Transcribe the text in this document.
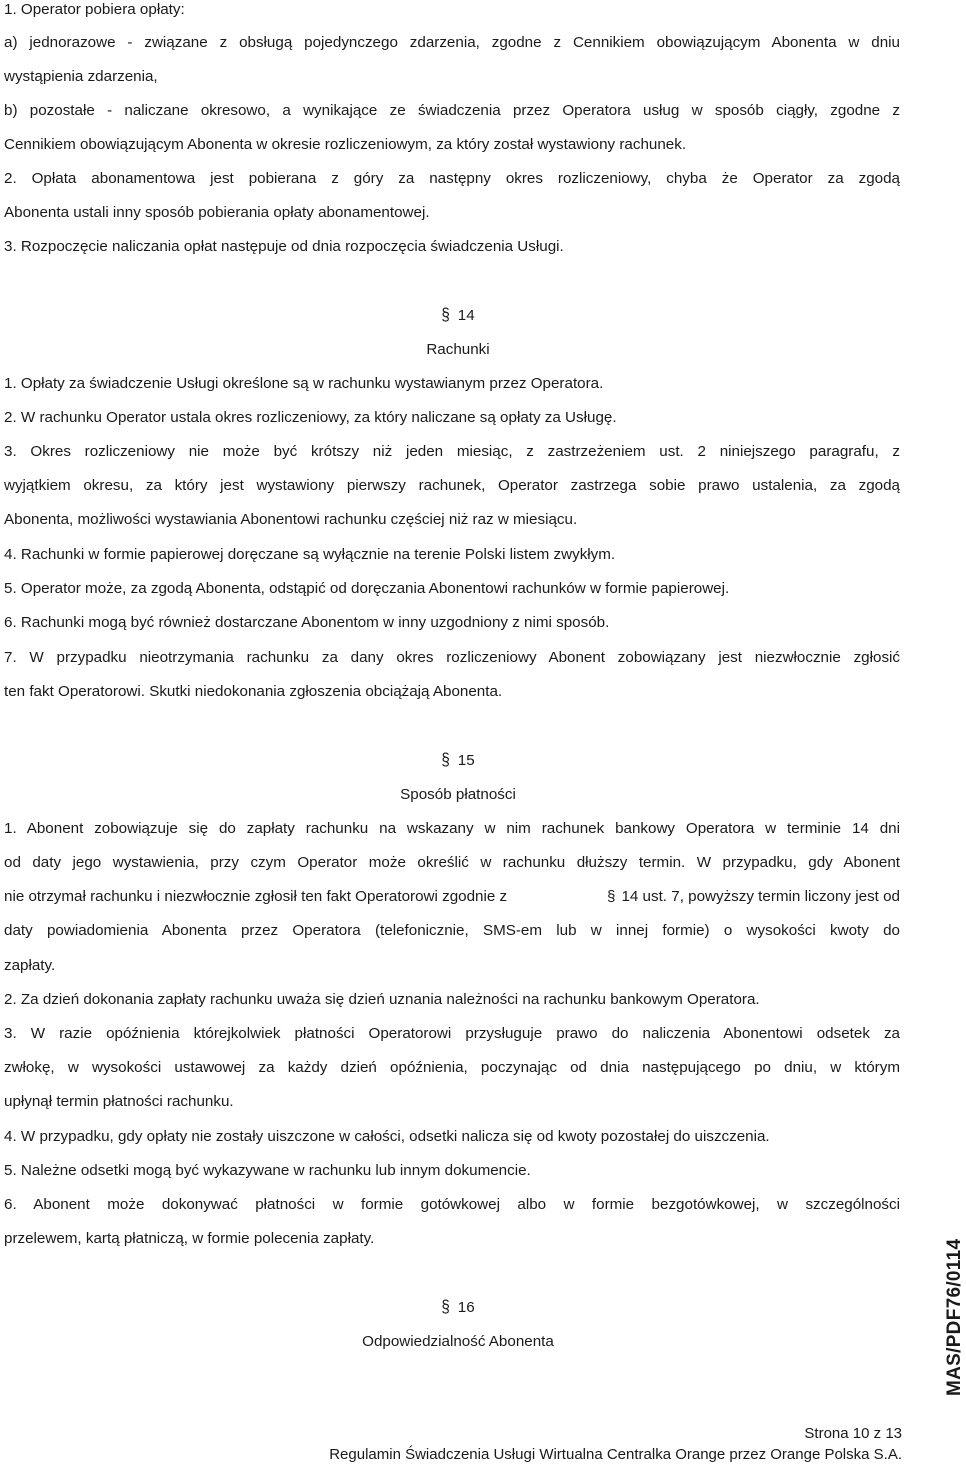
1. Operator pobiera opłaty:
a) jednorazowe - związane z obsługą pojedynczego zdarzenia, zgodne z Cennikiem obowiązującym Abonenta w dniu
wystąpienia zdarzenia,
b) pozostałe - naliczane okresowo, a wynikające ze świadczenia przez Operatora usług w sposób ciągły, zgodne z
Cennikiem obowiązującym Abonenta w okresie rozliczeniowym, za który został wystawiony rachunek.
2. Opłata abonamentowa jest pobierana z góry za następny okres rozliczeniowy, chyba że Operator za zgodą
Abonenta ustali inny sposób pobierania opłaty abonamentowej.
3. Rozpoczęcie naliczania opłat następuje od dnia rozpoczęcia świadczenia Usługi.
§ 14
Rachunki
1. Opłaty za świadczenie Usługi określone są w rachunku wystawianym przez Operatora.
2. W rachunku Operator ustala okres rozliczeniowy, za który naliczane są opłaty za Usługę.
3. Okres rozliczeniowy nie może być krótszy niż jeden miesiąc, z zastrzeżeniem ust. 2 niniejszego paragrafu, z
wyjątkiem okresu, za który jest wystawiony pierwszy rachunek, Operator zastrzega sobie prawo ustalenia, za zgodą
Abonenta, możliwości wystawiania Abonentowi rachunku częściej niż raz w miesiącu.
4. Rachunki w formie papierowej doręczane są wyłącznie na terenie Polski listem zwykłym.
5. Operator może, za zgodą Abonenta, odstąpić od doręczania Abonentowi rachunków w formie papierowej.
6. Rachunki mogą być również dostarczane Abonentom w inny uzgodniony z nimi sposób.
7. W przypadku nieotrzymania rachunku za dany okres rozliczeniowy Abonent zobowiązany jest niezwłocznie zgłosić
ten fakt Operatorowi. Skutki niedokonania zgłoszenia obciążają Abonenta.
§ 15
Sposób płatności
1. Abonent zobowiązuje się do zapłaty rachunku na wskazany w nim rachunek bankowy Operatora w terminie 14 dni
od daty jego wystawienia, przy czym Operator może określić w rachunku dłuższy termin. W przypadku, gdy Abonent
nie otrzymał rachunku i niezwłocznie zgłosił ten fakt Operatorowi zgodnie z	§ 14 ust. 7, powyższy termin liczony jest od
daty powiadomienia Abonenta przez Operatora (telefonicznie, SMS-em lub w innej formie) o wysokości kwoty do
zapłaty.
2. Za dzień dokonania zapłaty rachunku uważa się dzień uznania należności na rachunku bankowym Operatora.
3. W razie opóźnienia którejkolwiek płatności Operatorowi przysługuje prawo do naliczenia Abonentowi odsetek za
zwłokę, w wysokości ustawowej za każdy dzień opóźnienia, poczynając od dnia następującego po dniu, w którym
upłynął termin płatności rachunku.
4. W przypadku, gdy opłaty nie zostały uiszczone w całości, odsetki nalicza się od kwoty pozostałej do uiszczenia.
5. Należne odsetki mogą być wykazywane w rachunku lub innym dokumencie.
6. Abonent może dokonywać płatności w formie gotówkowej albo w formie bezgotówkowej, w szczególności
przelewem, kartą płatniczą, w formie polecenia zapłaty.
§ 16
Odpowiedzialność Abonenta	MAS/PDF76/0114
Strona 10 z 13
Regulamin Świadczenia Usługi Wirtualna Centralka Orange przez Orange Polska S.A.
